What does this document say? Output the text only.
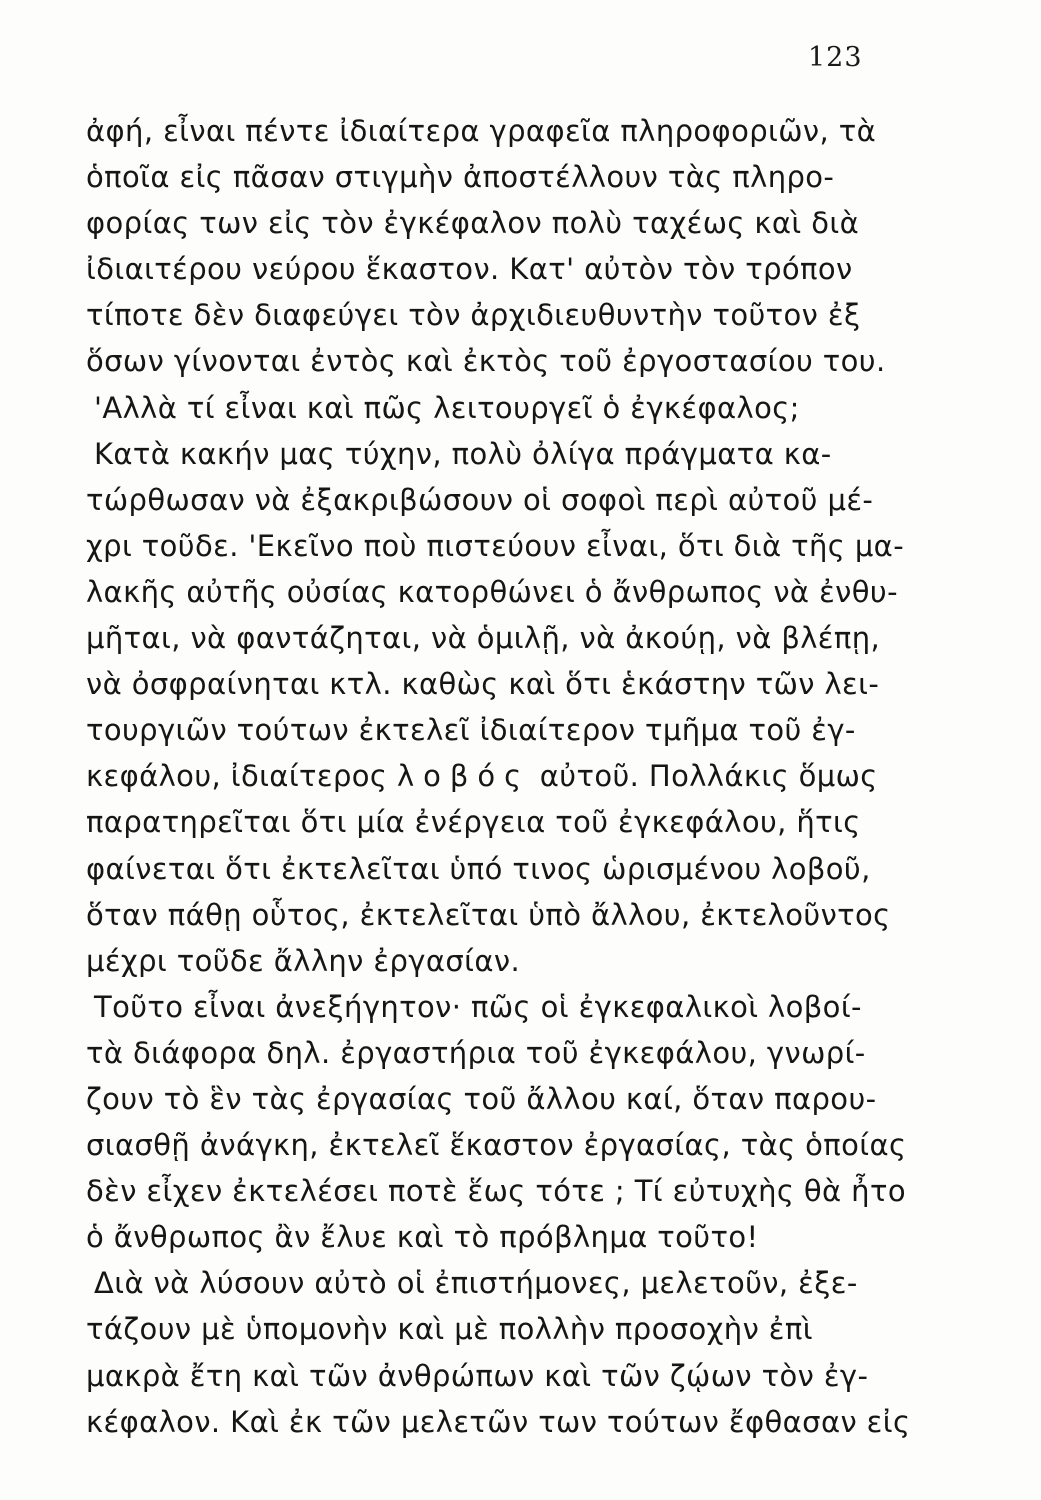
123
ἀφή, εἶναι πέντε ἰδιαίτερα γραφεῖα πληροφοριῶν, τὰ
ὁποῖα εἰς πᾶσαν στιγμὴν ἀποστέλλουν τὰς πληρο-
φορίας των εἰς τὸν ἐγκέφαλον πολὺ ταχέως καὶ διὰ
ἰδιαιτέρου νεύρου ἕκαστον. Κατ' αὐτὸν τὸν τρόπον
τίποτε δὲν διαφεύγει τὸν ἀρχιδιευθυντὴν τοῦτον ἐξ
ὅσων γίνονται ἐντὸς καὶ ἐκτὸς τοῦ ἐργοστασίου του.
'Αλλὰ τί εἶναι καὶ πῶς λειτουργεῖ ὁ ἐγκέφαλος;
Κατὰ κακήν μας τύχην, πολὺ ὀλίγα πράγματα κα-
τώρθωσαν νὰ ἐξακριβώσουν οἱ σοφοὶ περὶ αὐτοῦ μέ-
χρι τοῦδε. 'Εκεῖνο ποὺ πιστεύουν εἶναι, ὅτι διὰ τῆς μα-
λακῆς αὐτῆς οὐσίας κατορθώνει ὁ ἄνθρωπος νὰ ἐνθυ-
μῆται, νὰ φαντάζηται, νὰ ὁμιλῇ, νὰ ἀκούῃ, νὰ βλέπῃ,
νὰ ὀσφραίνηται κτλ. καθὼς καὶ ὅτι ἑκάστην τῶν λει-
τουργιῶν τούτων ἐκτελεῖ ἰδιαίτερον τμῆμα τοῦ ἐγ-
κεφάλου, ἰδιαίτερος λοβός αὐτοῦ. Πολλάκις ὅμως
παρατηρεῖται ὅτι μία ἐνέργεια τοῦ ἐγκεφάλου, ἥτις
φαίνεται ὅτι ἐκτελεῖται ὑπό τινος ὡρισμένου λοβοῦ,
ὅταν πάθῃ οὗτος, ἐκτελεῖται ὑπὸ ἄλλου, ἐκτελοῦντος
μέχρι τοῦδε ἄλλην ἐργασίαν.
Τοῦτο εἶναι ἀνεξήγητον· πῶς οἱ ἐγκεφαλικοὶ λοβοί-
τὰ διάφορα δηλ. ἐργαστήρια τοῦ ἐγκεφάλου, γνωρί-
ζουν τὸ ἓν τὰς ἐργασίας τοῦ ἄλλου καί, ὅταν παρου-
σιασθῇ ἀνάγκη, ἐκτελεῖ ἕκαστον ἐργασίας, τὰς ὁποίας
δὲν εἶχεν ἐκτελέσει ποτὲ ἕως τότε ; Τί εὐτυχὴς θὰ ἦτο
ὁ ἄνθρωπος ἂν ἔλυε καὶ τὸ πρόβλημα τοῦτο!
Διὰ νὰ λύσουν αὐτὸ οἱ ἐπιστήμονες, μελετοῦν, ἐξε-
τάζουν μὲ ὑπομονὴν καὶ μὲ πολλὴν προσοχὴν ἐπὶ
μακρὰ ἔτη καὶ τῶν ἀνθρώπων καὶ τῶν ζῴων τὸν ἐγ-
κέφαλον. Καὶ ἐκ τῶν μελετῶν των τούτων ἔφθασαν εἰς
